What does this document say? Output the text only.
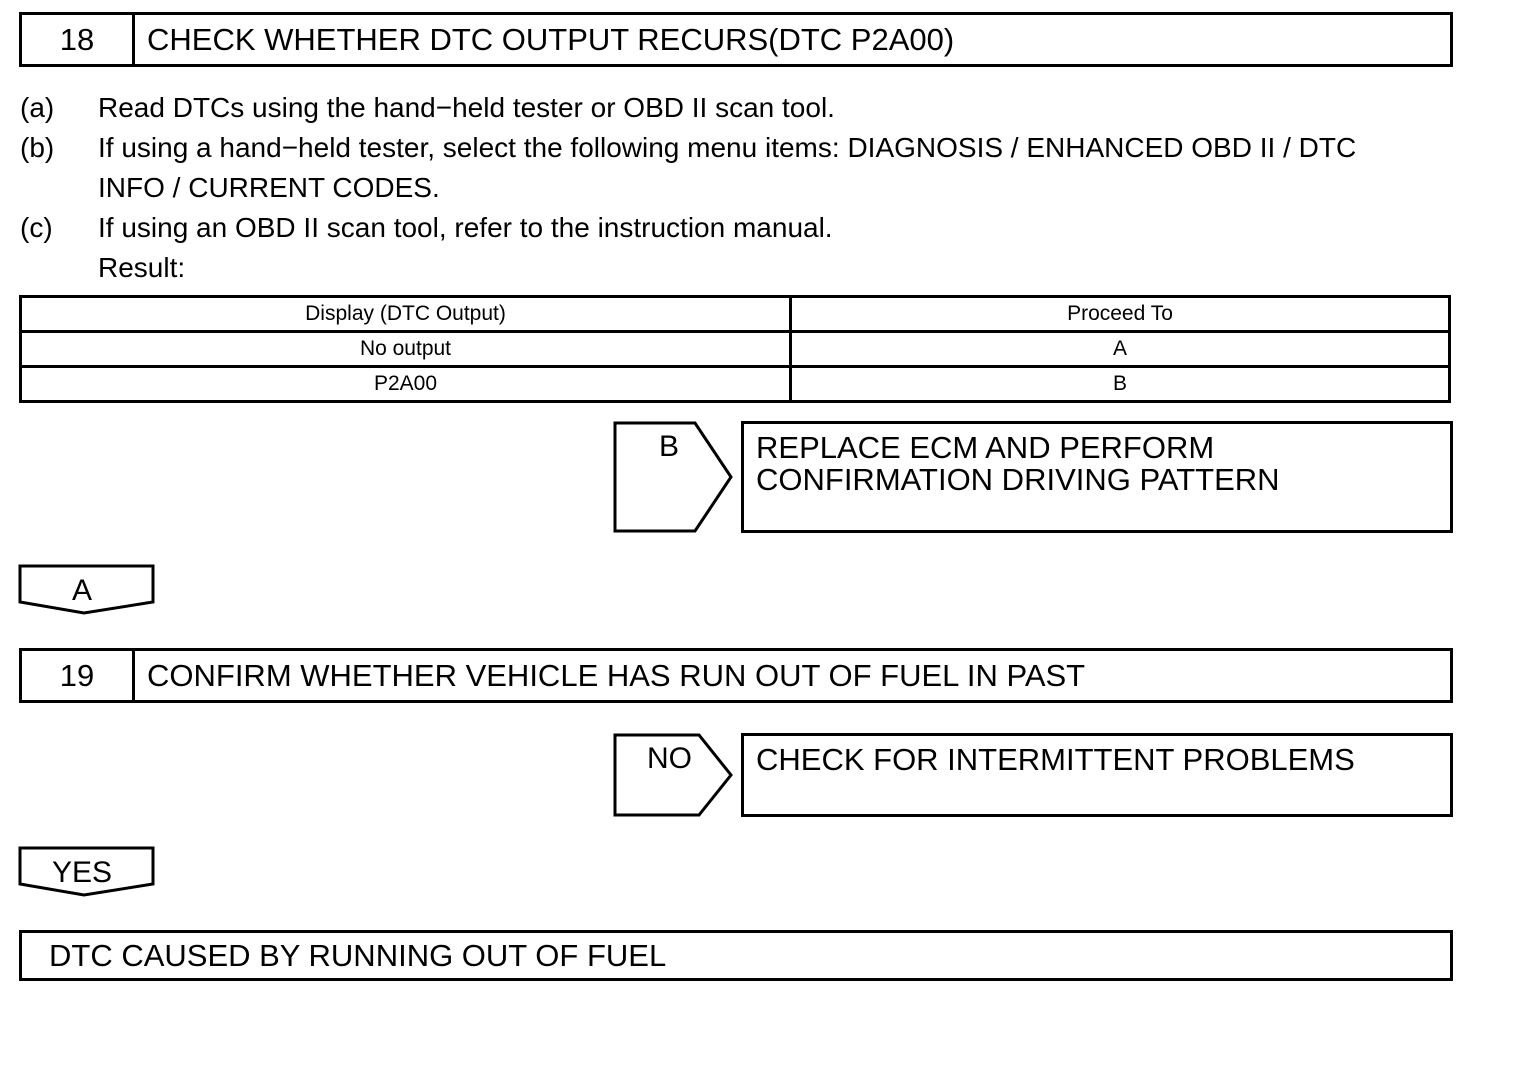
18	CHECK WHETHER DTC OUTPUT RECURS(DTC P2A00)
(a) Read DTCs using the hand−held tester or OBD II scan tool.
(b) If using a hand−held tester, select the following menu items: DIAGNOSIS / ENHANCED OBD II / DTC
INFO / CURRENT CODES.
(c) If using an OBD II scan tool, refer to the instruction manual.
Result:
Display (DTC Output)	Proceed To
No output	A
P2A00	B
B	REPLACE ECM AND PERFORM
CONFIRMATION DRIVING PATTERN
A
19	CONFIRM WHETHER VEHICLE HAS RUN OUT OF FUEL IN PAST
NO	CHECK FOR INTERMITTENT PROBLEMS
YES
DTC CAUSED BY RUNNING OUT OF FUEL
